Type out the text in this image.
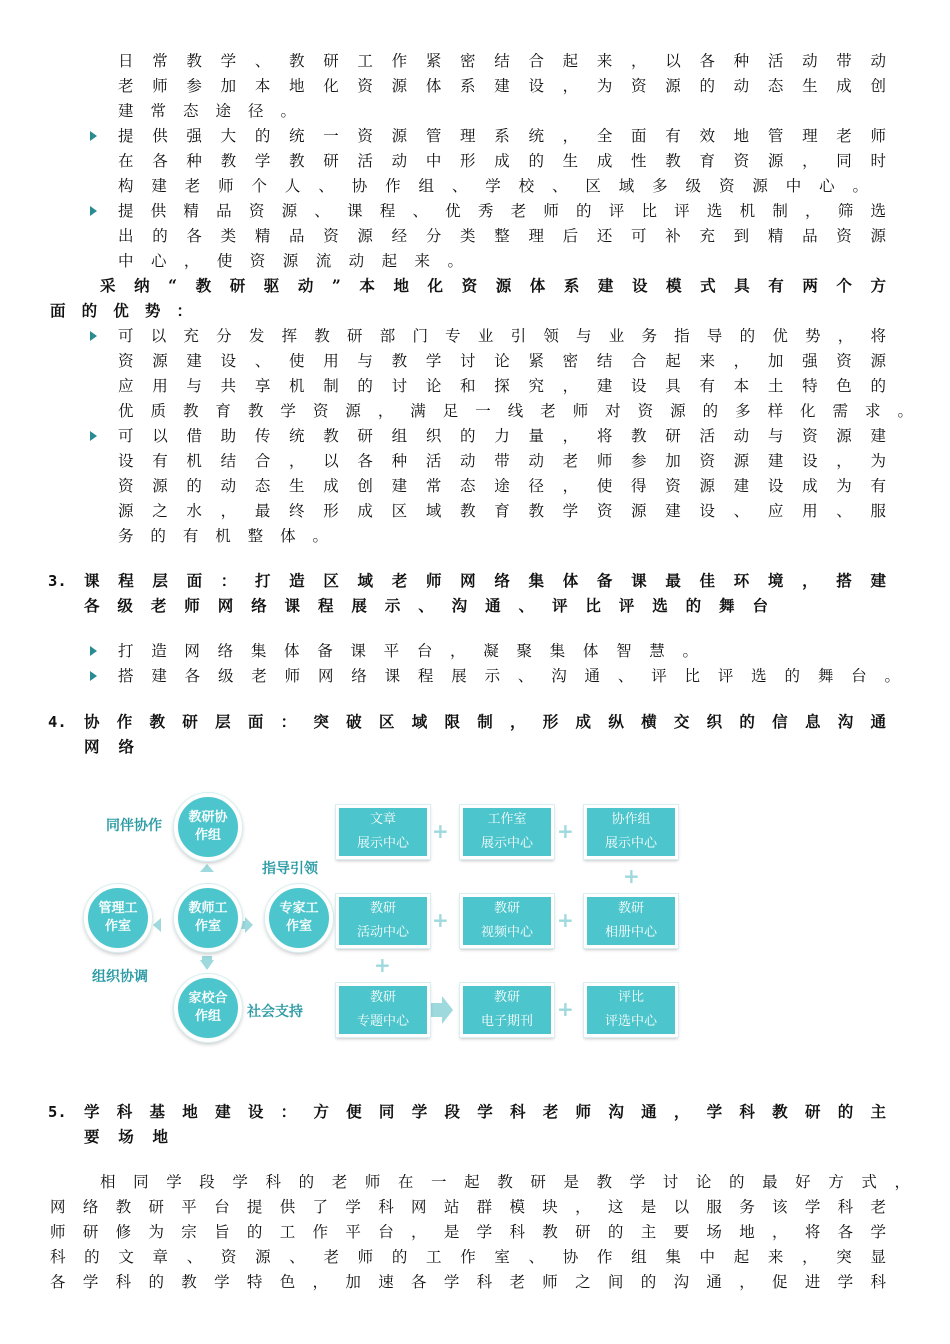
日常教学、教研工作紧密结合起来，以各种活动带动
老师参加本地化资源体系建设，为资源的动态生成创
建常态途径。
提供强大的统一资源管理系统，全面有效地管理老师
在各种教学教研活动中形成的生成性教育资源，同时
构建老师个人、协作组、学校、区域多级资源中心。
提供精品资源、课程、优秀老师的评比评选机制，筛选
出的各类精品资源经分类整理后还可补充到精品资源
中心，使资源流动起来。
采纳“教研驱动”本地化资源体系建设模式具有两个方
面的优势：
可以充分发挥教研部门专业引领与业务指导的优势，将
资源建设、使用与教学讨论紧密结合起来，加强资源
应用与共享机制的讨论和探究，建设具有本土特色的
优质教育教学资源，满足一线老师对资源的多样化需求。
可以借助传统教研组织的力量，将教研活动与资源建
设有机结合，以各种活动带动老师参加资源建设，为
资源的动态生成创建常态途径，使得资源建设成为有
源之水，最终形成区域教育教学资源建设、应用、服
务的有机整体。
3. 课程层面：打造区域老师网络集体备课最佳环境，搭建
各级老师网络课程展示、沟通、评比评选的舞台
打造网络集体备课平台，凝聚集体智慧。
搭建各级老师网络课程展示、沟通、评比评选的舞台。
4. 协作教研层面：突破区域限制，形成纵横交织的信息沟通
网络
教研协
作组
教师工
作室
管理工
作室
专家工
作室
家校合
作组
同伴协作
指导引领
组织协调
社会支持
文章
展示中心
工作室
展示中心
协作组
展示中心
教研
活动中心
教研
视频中心
教研
相册中心
教研
专题中心
教研
电子期刊
评比
评选中心
+	+
+
+	+
+
+
5. 学科基地建设：方便同学段学科老师沟通，学科教研的主
要场地
相同学段学科的老师在一起教研是教学讨论的最好方式，
网络教研平台提供了学科网站群模块，这是以服务该学科老
师研修为宗旨的工作平台，是学科教研的主要场地，将各学
科的文章、资源、老师的工作室、协作组集中起来，突显
各学科的教学特色，加速各学科老师之间的沟通，促进学科
